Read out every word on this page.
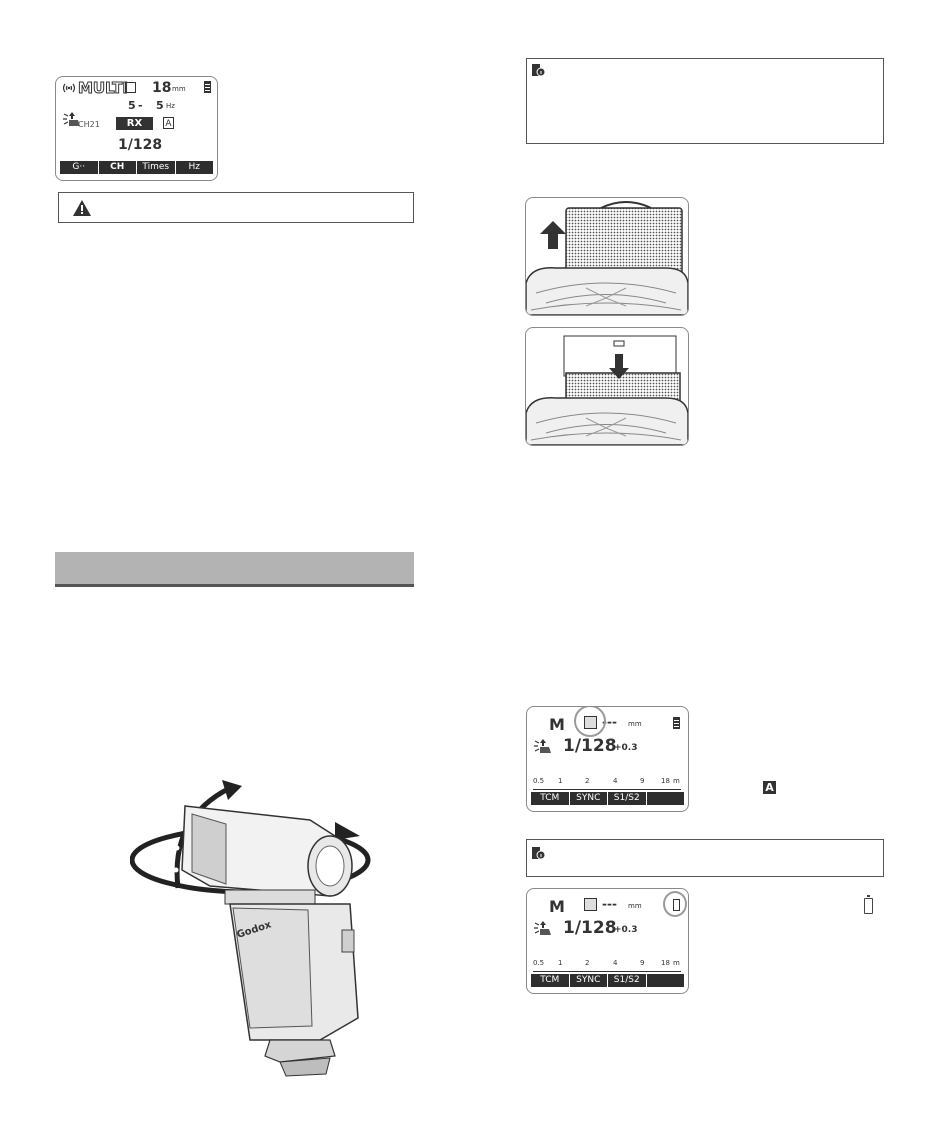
MULTI 18 mm
5 - 5 Hz
CH21	RX	A
1/128
G··	CH	Times	Hz
Godox
M	--- mm
1/128
+0.3
0.5 1	2	4	9 18 m
TCM	SYNC	S1/S2
A
M	--- mm
1/128
+0.3
0.5 1	2	4	9 18 m
TCM	SYNC	S1/S2
